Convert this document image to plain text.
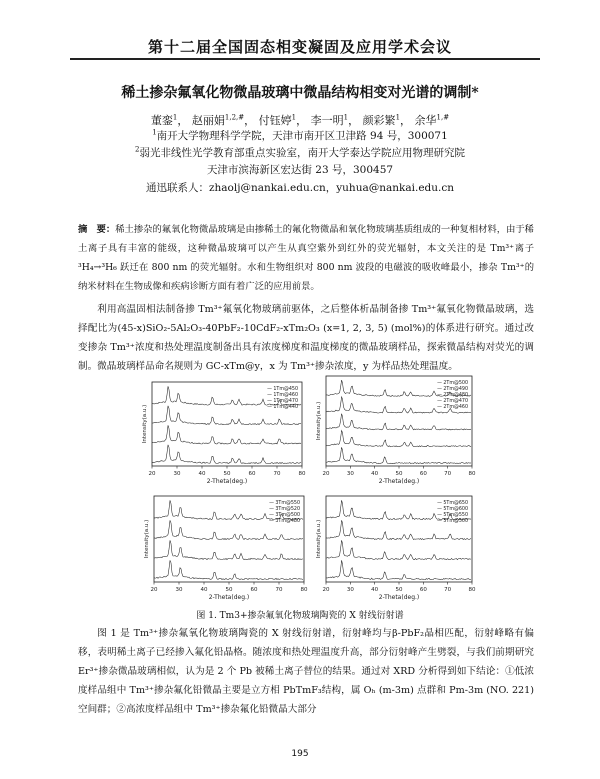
第十二届全国固态相变凝固及应用学术会议
稀土掺杂氟氧化物微晶玻璃中微晶结构相变对光谱的调制*
董銮$^1$， 赵丽娟$^{1,2,\#}$， 付钰婷$^1$， 李一明$^1$， 颜彩繁$^1$， 余华$^{1,\#}$
$^1$南开大学物理科学学院，天津市南开区卫津路 94 号，300071
$^2$弱光非线性光学教育部重点实验室，南开大学泰达学院应用物理研究院
天津市滨海新区宏达街 23 号，300457
通迅联系人：zhaolj@nankai.edu.cn，yuhua@nankai.edu.cn
摘　要：稀土掺杂的氟氧化物微晶玻璃是由掺稀土的氟化物微晶和氧化物玻璃基质组成的一种复相材料，由于稀土离子具有丰富的能级，这种微晶玻璃可以产生从真空紫外到红外的荧光辐射，本文关注的是 Tm³⁺离子 ³H₄→³H₆ 跃迁在 800 nm 的荧光辐射。水和生物组织对 800 nm 波段的电磁波的吸收峰最小，掺杂 Tm³⁺的纳米材料在生物成像和疾病诊断方面有着广泛的应用前景。
利用高温固相法制备掺 Tm³⁺氟氧化物玻璃前驱体，之后整体析晶制备掺 Tm³⁺氟氧化物微晶玻璃，选择配比为(45-x)SiO₂-5Al₂O₃-40PbF₂-10CdF₂-xTm₂O₃ (x=1, 2, 3, 5) (mol%)的体系进行研究。通过改变掺杂 Tm³⁺浓度和热处理温度制备出具有浓度梯度和温度梯度的微晶玻璃样品，探索微晶结构对荧光的调制。微晶玻璃样品命名规则为 GC-xTm@y，x 为 Tm³⁺掺杂浓度，y 为样品热处理温度。
20	30	40	50	60	70	80
2-Theta(deg.)
Intensity(a.u.)
— 1Tm@450
— 1Tm@460
— 1Tm@470
— 1Tm@440
20	30	40	50	60	70	80
2-Theta(deg.)
Intensity(a.u.)
— 2Tm@500
— 2Tm@490
— 2Tm@480
— 2Tm@470
— 2Tm@460
20	30	40	50	60	70	80
2-Theta(deg.)
Intensity(a.u.)
— 3Tm@550
— 3Tm@520
— 3Tm@500
— 3Tm@480
20	30	40	50	60	70	80
2-Theta(deg.)
Intensity(a.u.)
— 5Tm@650
— 5Tm@600
— 5Tm@550
— 5Tm@500
图 1. Tm3+掺杂氟氧化物玻璃陶瓷的 X 射线衍射谱
图 1 是 Tm³⁺掺杂氟氧化物玻璃陶瓷的 X 射线衍射谱，衍射峰均与β-PbF₂晶相匹配，衍射峰略有偏移，表明稀土离子已经掺入氟化铅晶格。随浓度和热处理温度升高，部分衍射峰产生劈裂，与我们前期研究 Er³⁺掺杂微晶玻璃相似，认为是 2 个 Pb 被稀土离子替位的结果。通过对 XRD 分析得到如下结论：①低浓度样品组中 Tm³⁺掺杂氟化铅微晶主要是立方相 PbTmF₃结构，属 Oₕ (m-3m) 点群和 Pm-3m (NO. 221)空间群；②高浓度样品组中 Tm³⁺掺杂氟化铅微晶大部分
195
